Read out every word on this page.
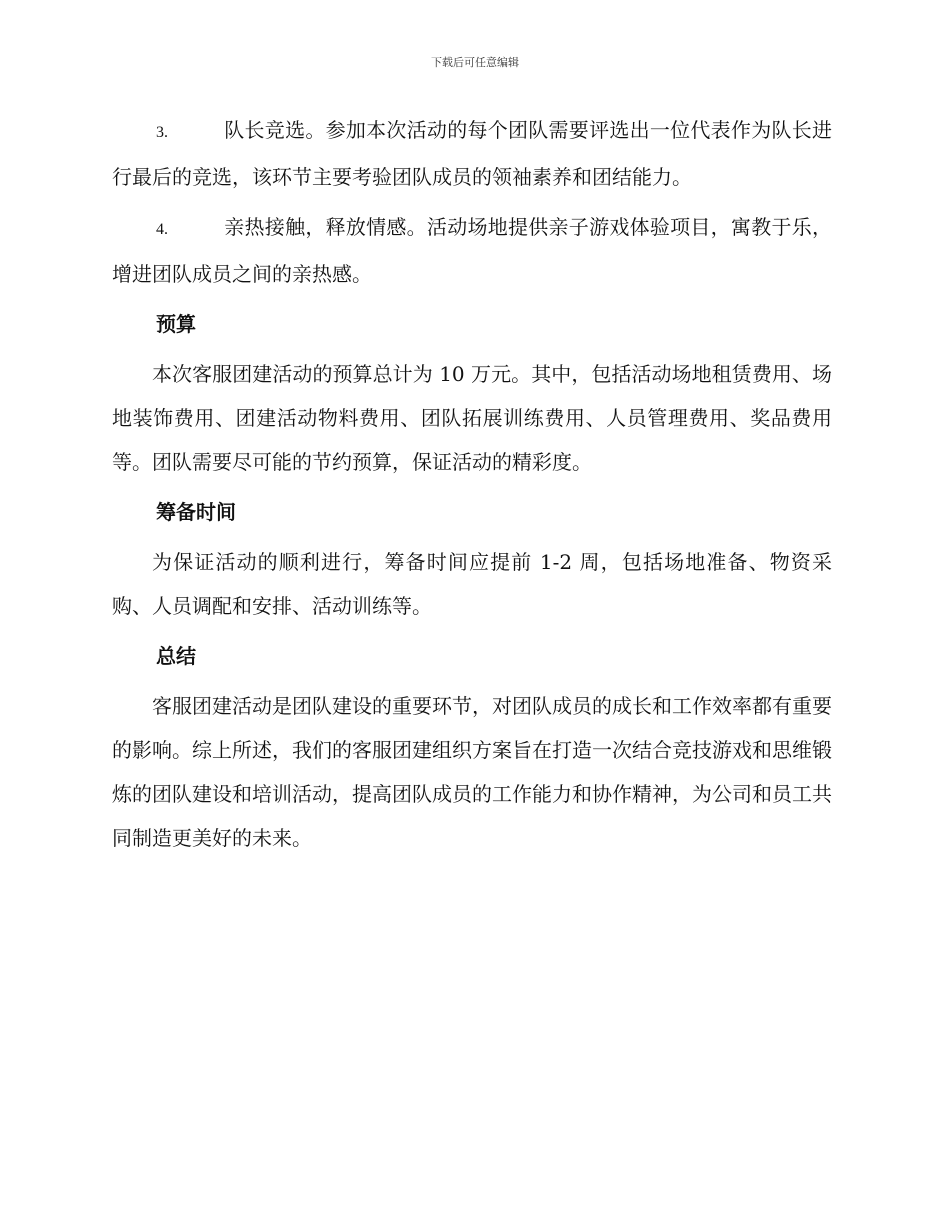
下载后可任意编辑

3.	队长竞选。参加本次活动的每个团队需要评选出一位代表作为队长进行最后的竞选，该环节主要考验团队成员的领袖素养和团结能力。

4.	亲热接触，释放情感。活动场地提供亲子游戏体验项目，寓教于乐，增进团队成员之间的亲热感。

预算

本次客服团建活动的预算总计为 10 万元。其中，包括活动场地租赁费用、场地装饰费用、团建活动物料费用、团队拓展训练费用、人员管理费用、奖品费用等。团队需要尽可能的节约预算，保证活动的精彩度。

筹备时间

为保证活动的顺利进行，筹备时间应提前 1-2 周，包括场地准备、物资采购、人员调配和安排、活动训练等。

总结

客服团建活动是团队建设的重要环节，对团队成员的成长和工作效率都有重要的影响。综上所述，我们的客服团建组织方案旨在打造一次结合竞技游戏和思维锻炼的团队建设和培训活动，提高团队成员的工作能力和协作精神，为公司和员工共同制造更美好的未来。
